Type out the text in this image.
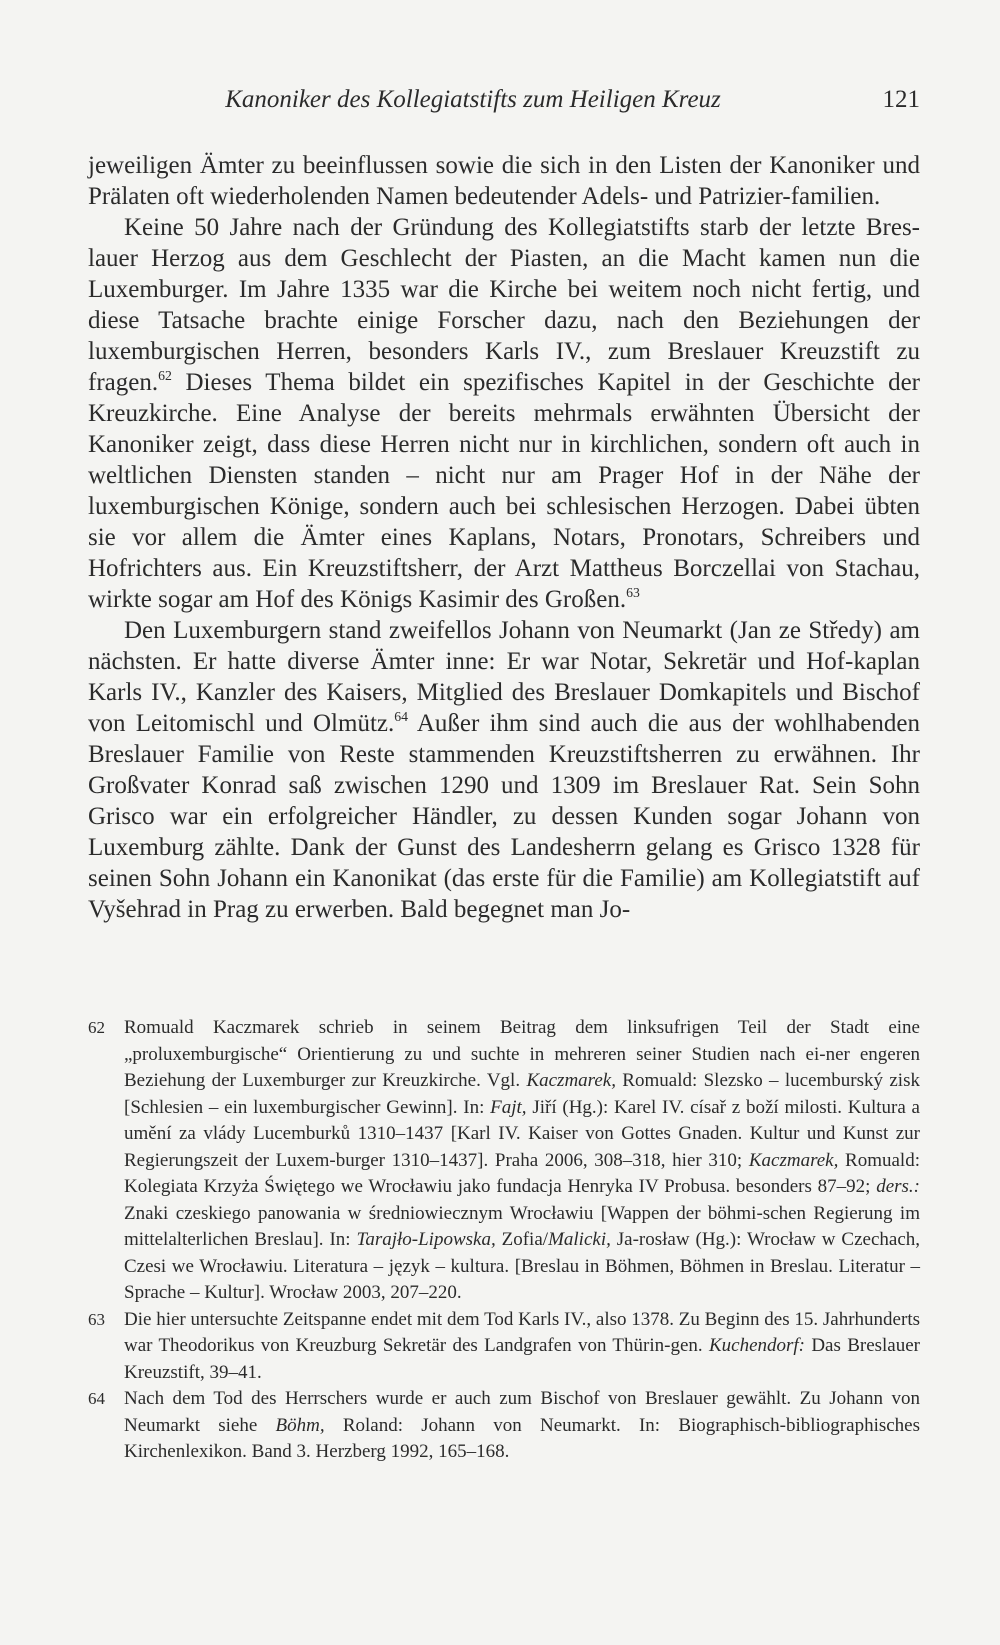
Kanoniker des Kollegiatstifts zum Heiligen Kreuz	121

jeweiligen Ämter zu beeinflussen sowie die sich in den Listen der Kanoniker und Prälaten oft wiederholenden Namen bedeutender Adels- und Patrizier-familien.

Keine 50 Jahre nach der Gründung des Kollegiatstifts starb der letzte Bres-lauer Herzog aus dem Geschlecht der Piasten, an die Macht kamen nun die Luxemburger. Im Jahre 1335 war die Kirche bei weitem noch nicht fertig, und diese Tatsache brachte einige Forscher dazu, nach den Beziehungen der luxemburgischen Herren, besonders Karls IV., zum Breslauer Kreuzstift zu fragen.$^{62}$ Dieses Thema bildet ein spezifisches Kapitel in der Geschichte der Kreuzkirche. Eine Analyse der bereits mehrmals erwähnten Übersicht der Kanoniker zeigt, dass diese Herren nicht nur in kirchlichen, sondern oft auch in weltlichen Diensten standen – nicht nur am Prager Hof in der Nähe der luxemburgischen Könige, sondern auch bei schlesischen Herzogen. Dabei übten sie vor allem die Ämter eines Kaplans, Notars, Pronotars, Schreibers und Hofrichters aus. Ein Kreuzstiftsherr, der Arzt Mattheus Borczellai von Stachau, wirkte sogar am Hof des Königs Kasimir des Großen.$^{63}$

Den Luxemburgern stand zweifellos Johann von Neumarkt (Jan ze Středy) am nächsten. Er hatte diverse Ämter inne: Er war Notar, Sekretär und Hof-kaplan Karls IV., Kanzler des Kaisers, Mitglied des Breslauer Domkapitels und Bischof von Leitomischl und Olmütz.$^{64}$ Außer ihm sind auch die aus der wohlhabenden Breslauer Familie von Reste stammenden Kreuzstiftsherren zu erwähnen. Ihr Großvater Konrad saß zwischen 1290 und 1309 im Breslauer Rat. Sein Sohn Grisco war ein erfolgreicher Händler, zu dessen Kunden sogar Johann von Luxemburg zählte. Dank der Gunst des Landesherrn gelang es Grisco 1328 für seinen Sohn Johann ein Kanonikat (das erste für die Familie) am Kollegiatstift auf Vyšehrad in Prag zu erwerben. Bald begegnet man Jo-

62	Romuald Kaczmarek schrieb in seinem Beitrag dem linksufrigen Teil der Stadt eine „proluxemburgische“ Orientierung zu und suchte in mehreren seiner Studien nach ei-ner engeren Beziehung der Luxemburger zur Kreuzkirche. Vgl. Kaczmarek, Romuald: Slezsko – lucemburský zisk [Schlesien – ein luxemburgischer Gewinn]. In: Fajt, Jiří (Hg.): Karel IV. císař z boží milosti. Kultura a umění za vlády Lucemburků 1310–1437 [Karl IV. Kaiser von Gottes Gnaden. Kultur und Kunst zur Regierungszeit der Luxem-burger 1310–1437]. Praha 2006, 308–318, hier 310; Kaczmarek, Romuald: Kolegiata Krzyża Świętego we Wrocławiu jako fundacja Henryka IV Probusa. besonders 87–92; ders.: Znaki czeskiego panowania w średniowiecznym Wrocławiu [Wappen der böhmi-schen Regierung im mittelalterlichen Breslau]. In: Tarajło-Lipowska, Zofia/Malicki, Ja-rosław (Hg.): Wrocław w Czechach, Czesi we Wrocławiu. Literatura – język – kultura. [Breslau in Böhmen, Böhmen in Breslau. Literatur – Sprache – Kultur]. Wrocław 2003, 207–220.
63	Die hier untersuchte Zeitspanne endet mit dem Tod Karls IV., also 1378. Zu Beginn des 15. Jahrhunderts war Theodorikus von Kreuzburg Sekretär des Landgrafen von Thürin-gen. Kuchendorf: Das Breslauer Kreuzstift, 39–41.
64	Nach dem Tod des Herrschers wurde er auch zum Bischof von Breslauer gewählt. Zu Johann von Neumarkt siehe Böhm, Roland: Johann von Neumarkt. In: Biographisch-bibliographisches Kirchenlexikon. Band 3. Herzberg 1992, 165–168.
